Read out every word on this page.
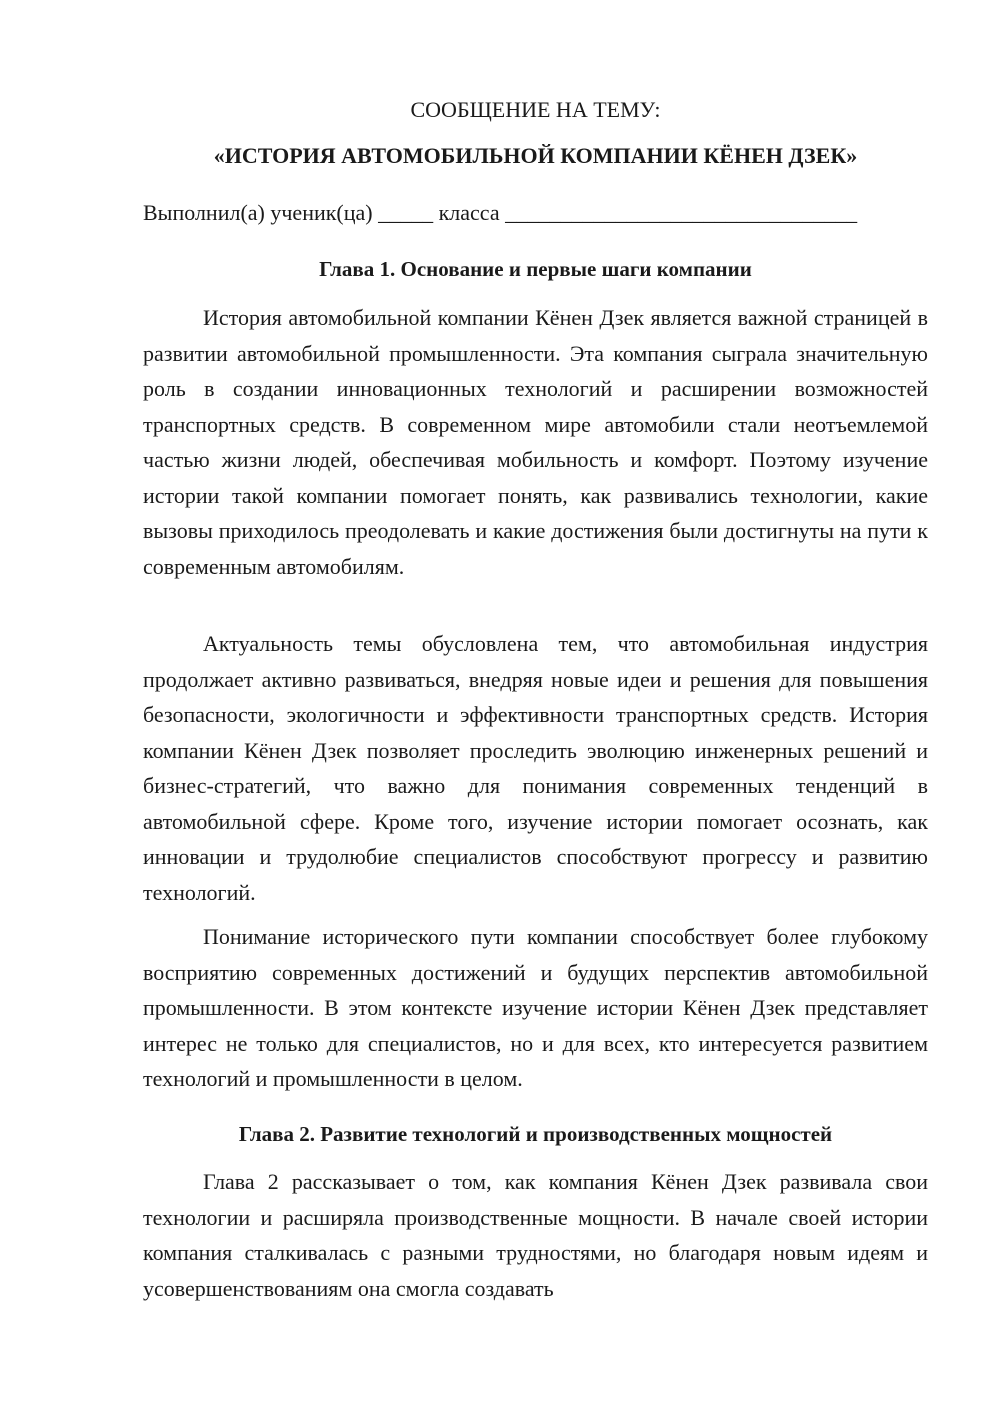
СООБЩЕНИЕ НА ТЕМУ:
«ИСТОРИЯ АВТОМОБИЛЬНОЙ КОМПАНИИ КЁНЕН ДЗЕК»
Выполнил(а) ученик(ца) _____ класса ________________________________
Глава 1. Основание и первые шаги компании

История автомобильной компании Кёнен Дзек является важной страницей в развитии автомобильной промышленности. Эта компания сыграла значительную роль в создании инновационных технологий и расширении возможностей транспортных средств. В современном мире автомобили стали неотъемлемой частью жизни людей, обеспечивая мобильность и комфорт. Поэтому изучение истории такой компании помогает понять, как развивались технологии, какие вызовы приходилось преодолевать и какие достижения были достигнуты на пути к современным автомобилям.

Актуальность темы обусловлена тем, что автомобильная индустрия продолжает активно развиваться, внедряя новые идеи и решения для повышения безопасности, экологичности и эффективности транспортных средств. История компании Кёнен Дзек позволяет проследить эволюцию инженерных решений и бизнес-стратегий, что важно для понимания современных тенденций в автомобильной сфере. Кроме того, изучение истории помогает осознать, как инновации и трудолюбие специалистов способствуют прогрессу и развитию технологий.

Понимание исторического пути компании способствует более глубокому восприятию современных достижений и будущих перспектив автомобильной промышленности. В этом контексте изучение истории Кёнен Дзек представляет интерес не только для специалистов, но и для всех, кто интересуется развитием технологий и промышленности в целом.

Глава 2. Развитие технологий и производственных мощностей

Глава 2 рассказывает о том, как компания Кёнен Дзек развивала свои технологии и расширяла производственные мощности. В начале своей истории компания сталкивалась с разными трудностями, но благодаря новым идеям и усовершенствованиям она смогла создавать
